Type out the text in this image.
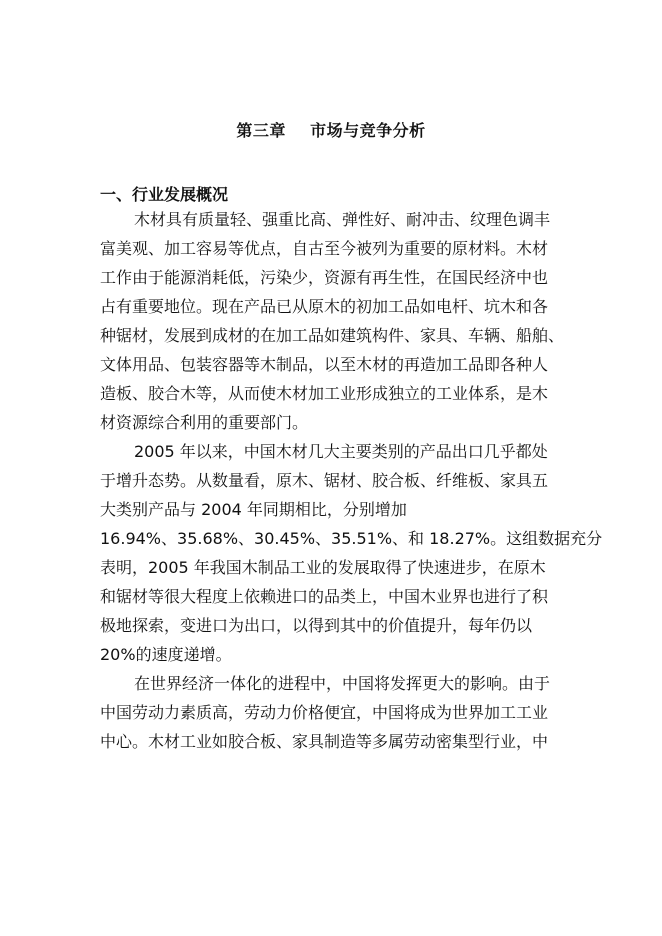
第三章    市场与竞争分析
一、行业发展概况
木材具有质量轻、强重比高、弹性好、耐冲击、纹理色调丰
富美观、加工容易等优点，自古至今被列为重要的原材料。木材
工作由于能源消耗低，污染少，资源有再生性，在国民经济中也
占有重要地位。现在产品已从原木的初加工品如电杆、坑木和各
种锯材，发展到成材的在加工品如建筑构件、家具、车辆、船舶、
文体用品、包装容器等木制品，以至木材的再造加工品即各种人
造板、胶合木等，从而使木材加工业形成独立的工业体系，是木
材资源综合利用的重要部门。
2005 年以来，中国木材几大主要类别的产品出口几乎都处
于增升态势。从数量看，原木、锯材、胶合板、纤维板、家具五
大类别产品与 2004 年同期相比，分别增加
16.94%、35.68%、30.45%、35.51%、和 18.27%。这组数据充分
表明，2005 年我国木制品工业的发展取得了快速进步，在原木
和锯材等很大程度上依赖进口的品类上，中国木业界也进行了积
极地探索，变进口为出口，以得到其中的价值提升，每年仍以
20%的速度递增。
在世界经济一体化的进程中，中国将发挥更大的影响。由于
中国劳动力素质高，劳动力价格便宜，中国将成为世界加工工业
中心。木材工业如胶合板、家具制造等多属劳动密集型行业，中
